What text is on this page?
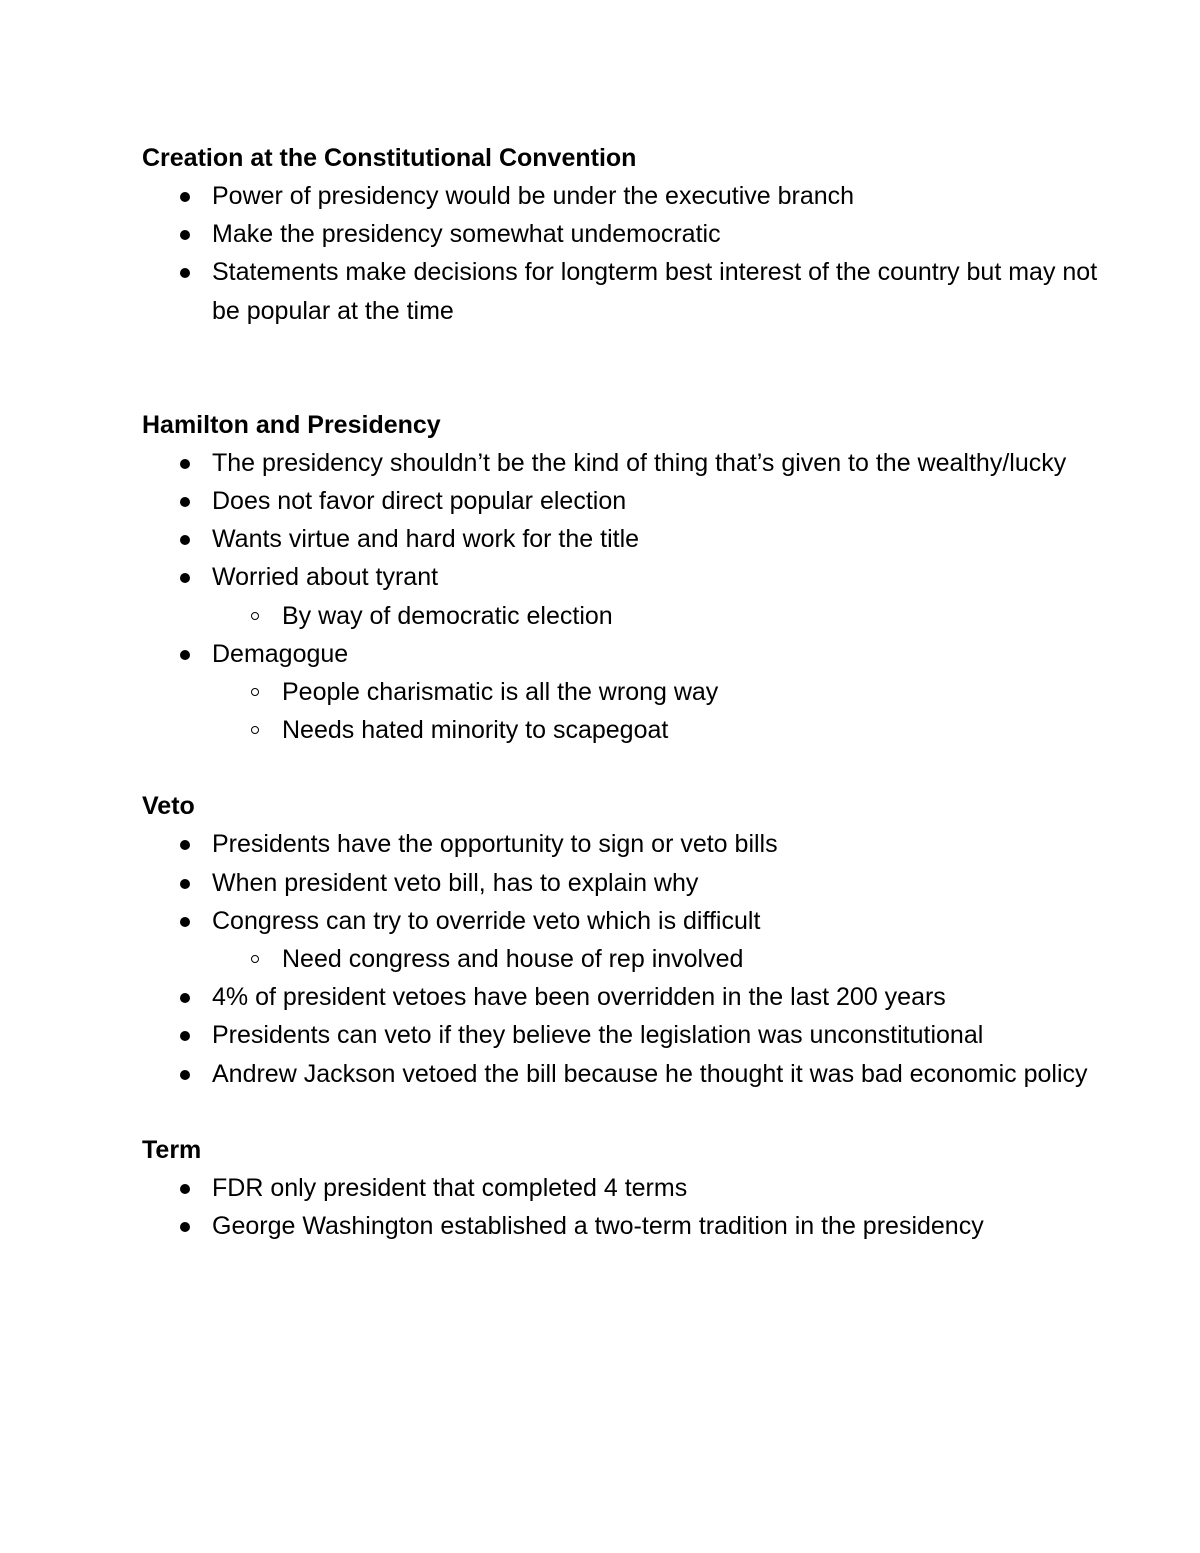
Creation at the Constitutional Convention
Power of presidency would be under the executive branch
Make the presidency somewhat undemocratic
Statements make decisions for longterm best interest of the country but may not be popular at the time
Hamilton and Presidency
The presidency shouldn’t be the kind of thing that’s given to the wealthy/lucky
Does not favor direct popular election
Wants virtue and hard work for the title
Worried about tyrant
By way of democratic election
Demagogue
People charismatic is all the wrong way
Needs hated minority to scapegoat
Veto
Presidents have the opportunity to sign or veto bills
When president veto bill, has to explain why
Congress can try to override veto which is difficult
Need congress and house of rep involved
4% of president vetoes have been overridden in the last 200 years
Presidents can veto if they believe the legislation was unconstitutional
Andrew Jackson vetoed the bill because he thought it was bad economic policy
Term
FDR only president that completed 4 terms
George Washington established a two-term tradition in the presidency
